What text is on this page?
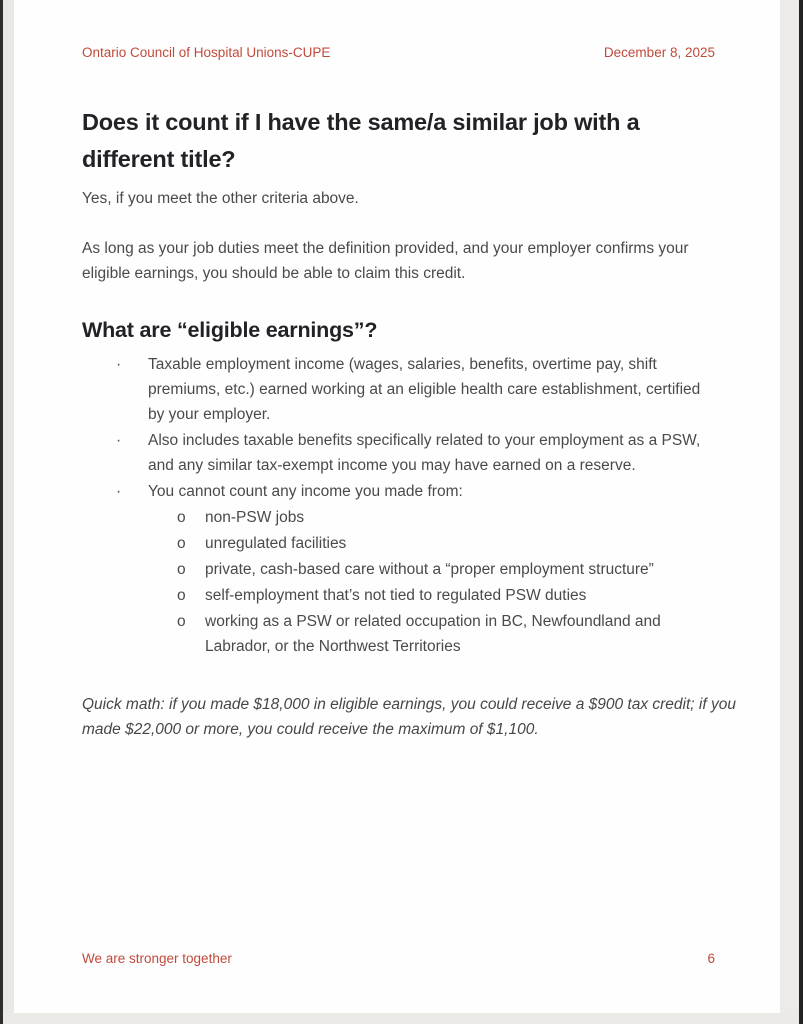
Ontario Council of Hospital Unions-CUPE	December 8, 2025
Does it count if I have the same/a similar job with a different title?

Yes, if you meet the other criteria above.

As long as your job duties meet the definition provided, and your employer confirms your eligible earnings, you should be able to claim this credit.

What are “eligible earnings”?
· Taxable employment income (wages, salaries, benefits, overtime pay, shift premiums, etc.) earned working at an eligible health care establishment, certified by your employer.
· Also includes taxable benefits specifically related to your employment as a PSW, and any similar tax-exempt income you may have earned on a reserve.
· You cannot count any income you made from:
o non-PSW jobs
o unregulated facilities
o private, cash-based care without a “proper employment structure”
o self-employment that’s not tied to regulated PSW duties
o working as a PSW or related occupation in BC, Newfoundland and Labrador, or the Northwest Territories

Quick math: if you made $18,000 in eligible earnings, you could receive a $900 tax credit; if you made $22,000 or more, you could receive the maximum of $1,100.

We are stronger together	6
